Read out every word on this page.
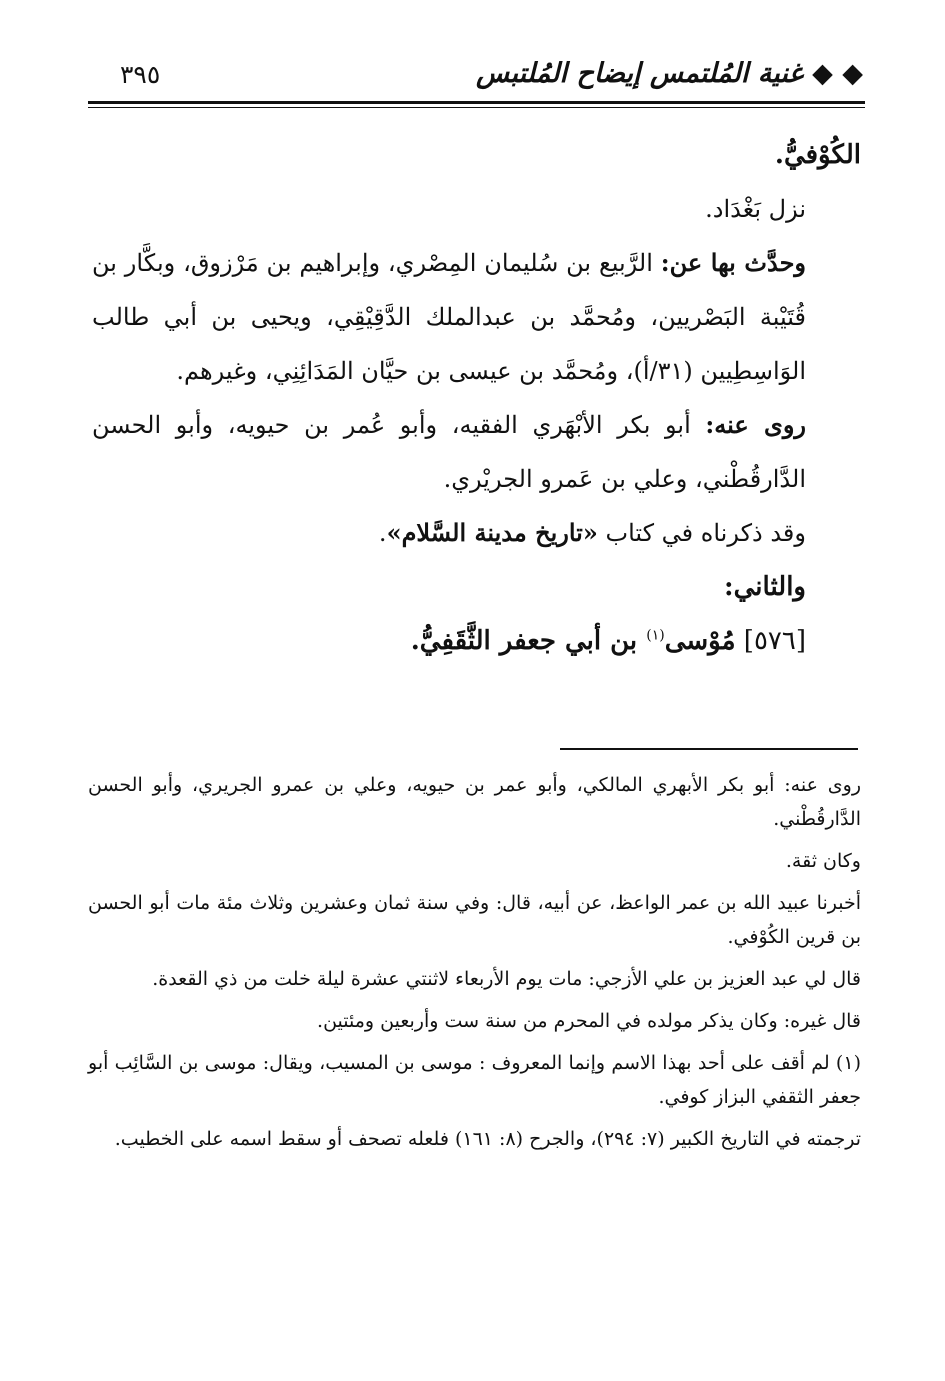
◆ ◆ غنية المُلتمس إيضاح المُلتبس
٣٩٥

الكُوْفيُّ.

نزل بَغْدَاد.

وحدَّث بها عن: الرَّبيع بن سُليمان المِصْري، وإبراهيم بن مَرْزوق، وبكَّار بن قُتَيْبة البَصْريين، ومُحمَّد بن عبدالملك الدَّقِيْقِي، ويحيى بن أبي طالب الوَاسِطِيين (٣١/أ)، ومُحمَّد بن عيسى بن حيَّان المَدَائِنِي، وغيرهم.

روى عنه: أبو بكر الأبْهَري الفقيه، وأبو عُمر بن حيويه، وأبو الحسن الدَّارقُطْني، وعلي بن عَمرو الجريْري.

وقد ذكرناه في كتاب «تاريخ مدينة السَّلام».

والثاني:

[٥٧٦] مُوْسى$^{(١)}$ بن أبي جعفر الثَّقَفِيُّ.

روى عنه: أبو بكر الأبهري المالكي، وأبو عمر بن حيويه، وعلي بن عمرو الجريري، وأبو الحسن الدَّارقُطْني.

وكان ثقة.

أخبرنا عبيد الله بن عمر الواعظ، عن أبيه، قال: وفي سنة ثمان وعشرين وثلاث مئة مات أبو الحسن بن قرين الكُوْفي.

قال لي عبد العزيز بن علي الأزجي: مات يوم الأربعاء لاثنتي عشرة ليلة خلت من ذي القعدة.

قال غيره: وكان يذكر مولده في المحرم من سنة ست وأربعين ومئتين.

(١) لم أقف على أحد بهذا الاسم وإنما المعروف : موسى بن المسيب، ويقال: موسى بن السَّائِب أبو جعفر الثقفي البزاز كوفي.

ترجمته في التاريخ الكبير (٧: ٢٩٤)، والجرح (٨: ١٦١) فلعله تصحف أو سقط اسمه على الخطيب.
